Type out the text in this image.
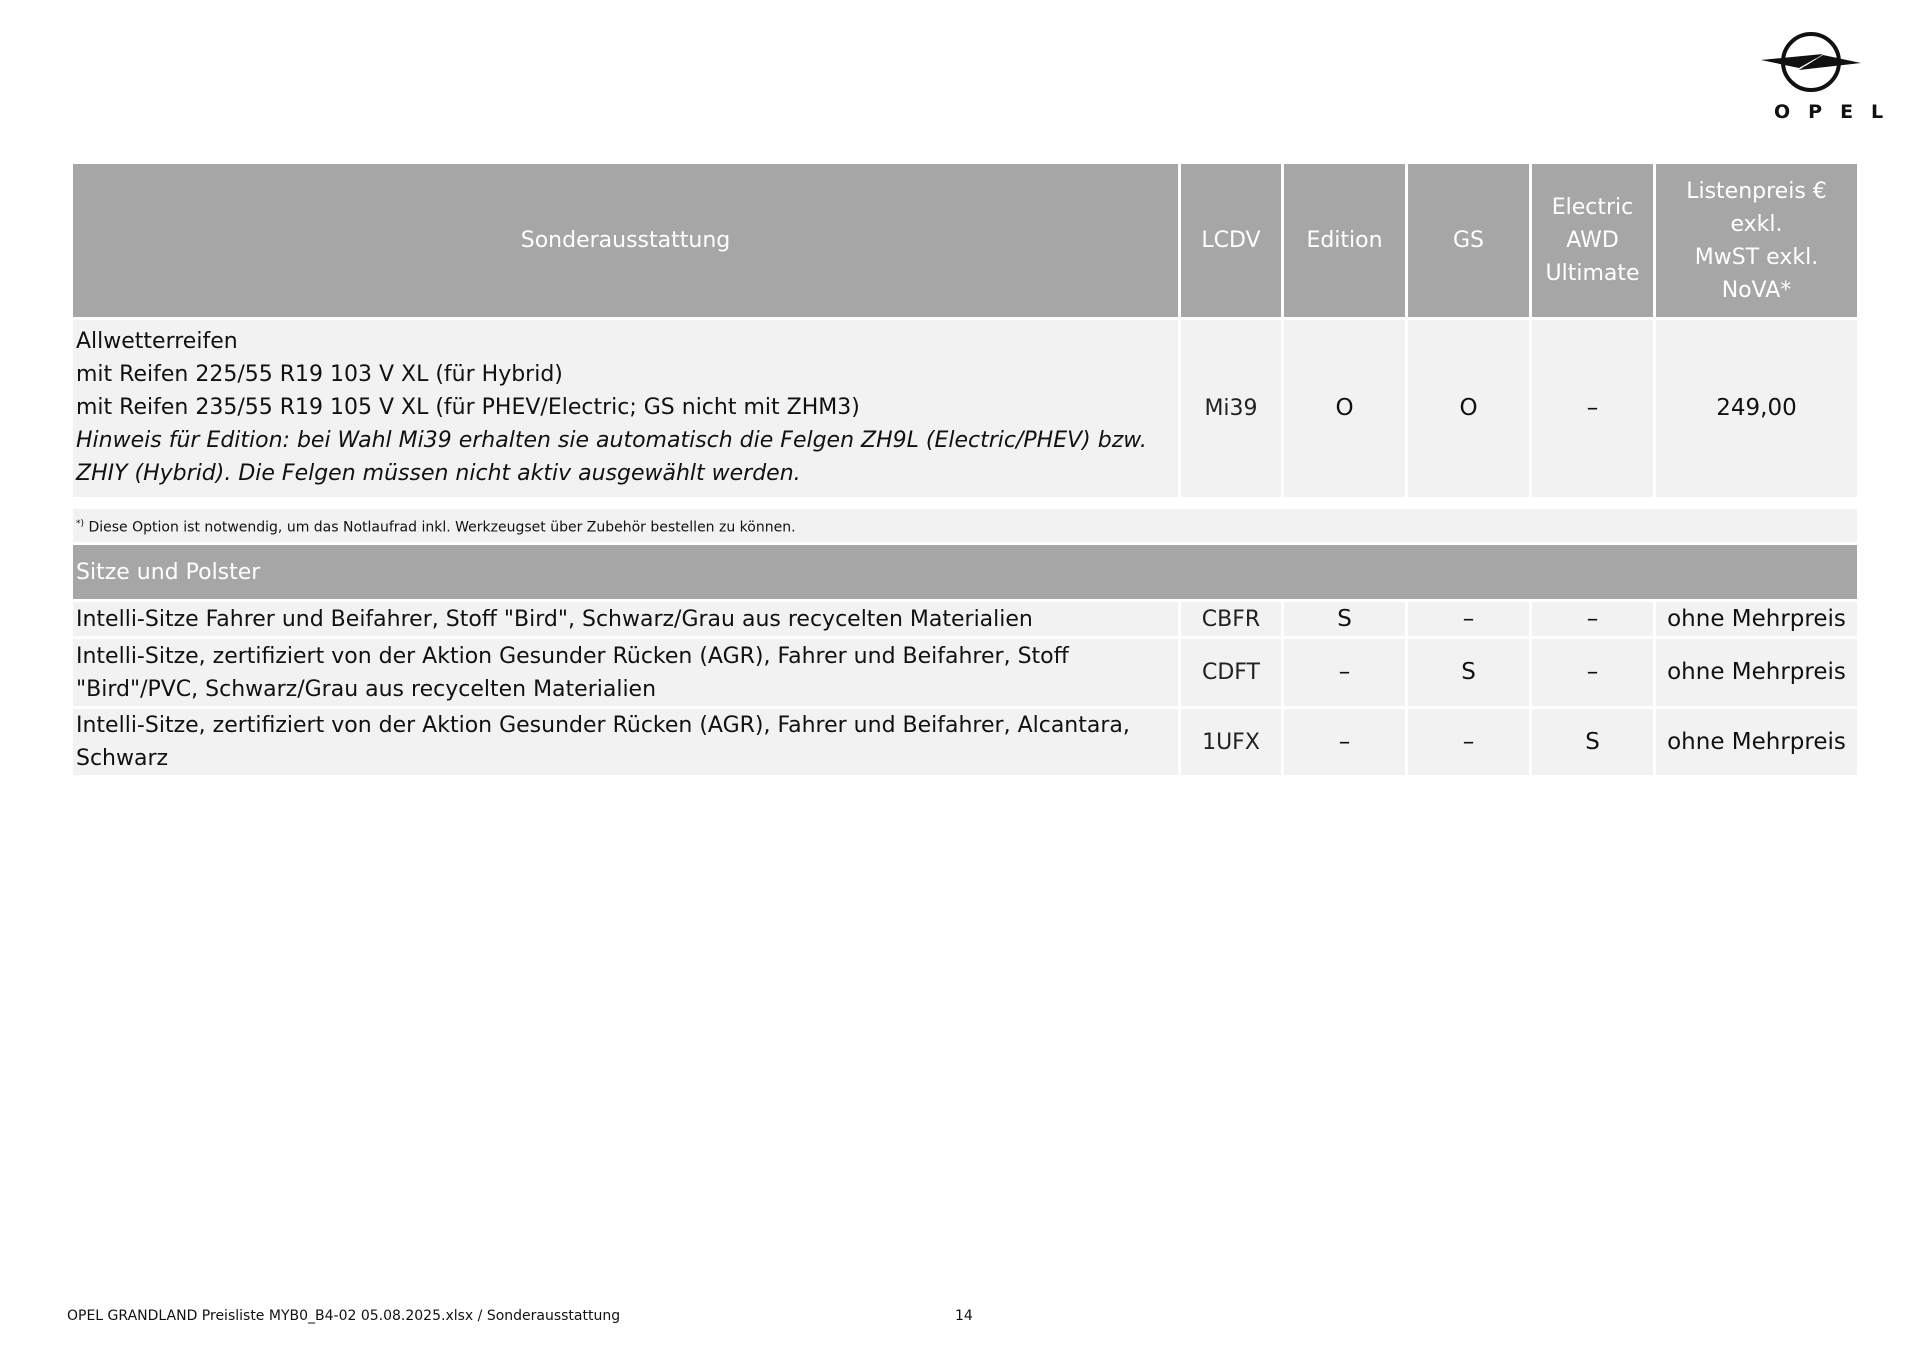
OPEL
Sonderausstattung	LCDV	Edition	GS	Electric
AWD
Ultimate	Listenpreis €
exkl.
MwST exkl.
NoVA*

Allwetterreifen
mit Reifen 225/55 R19 103 V XL (für Hybrid)
mit Reifen 235/55 R19 105 V XL (für PHEV/Electric; GS nicht mit ZHM3)
Hinweis für Edition: bei Wahl Mi39 erhalten sie automatisch die Felgen ZH9L (Electric/PHEV) bzw. ZHIY (Hybrid). Die Felgen müssen nicht aktiv ausgewählt werden.	Mi39	O	O	–	249,00

*) Diese Option ist notwendig, um das Notlaufrad inkl. Werkzeugset über Zubehör bestellen zu können.					
Sitze und Polster					
Intelli-Sitze Fahrer und Beifahrer, Stoff "Bird", Schwarz/Grau aus recycelten Materialien	CBFR	S	–	–	ohne Mehrpreis
Intelli-Sitze, zertifiziert von der Aktion Gesunder Rücken (AGR), Fahrer und Beifahrer, Stoff "Bird"/PVC, Schwarz/Grau aus recycelten Materialien	CDFT	–	S	–	ohne Mehrpreis
Intelli-Sitze, zertifiziert von der Aktion Gesunder Rücken (AGR), Fahrer und Beifahrer, Alcantara, Schwarz	1UFX	–	–	S	ohne Mehrpreis
OPEL GRANDLAND Preisliste MYB0_B4-02 05.08.2025.xlsx / Sonderausstattung	14
